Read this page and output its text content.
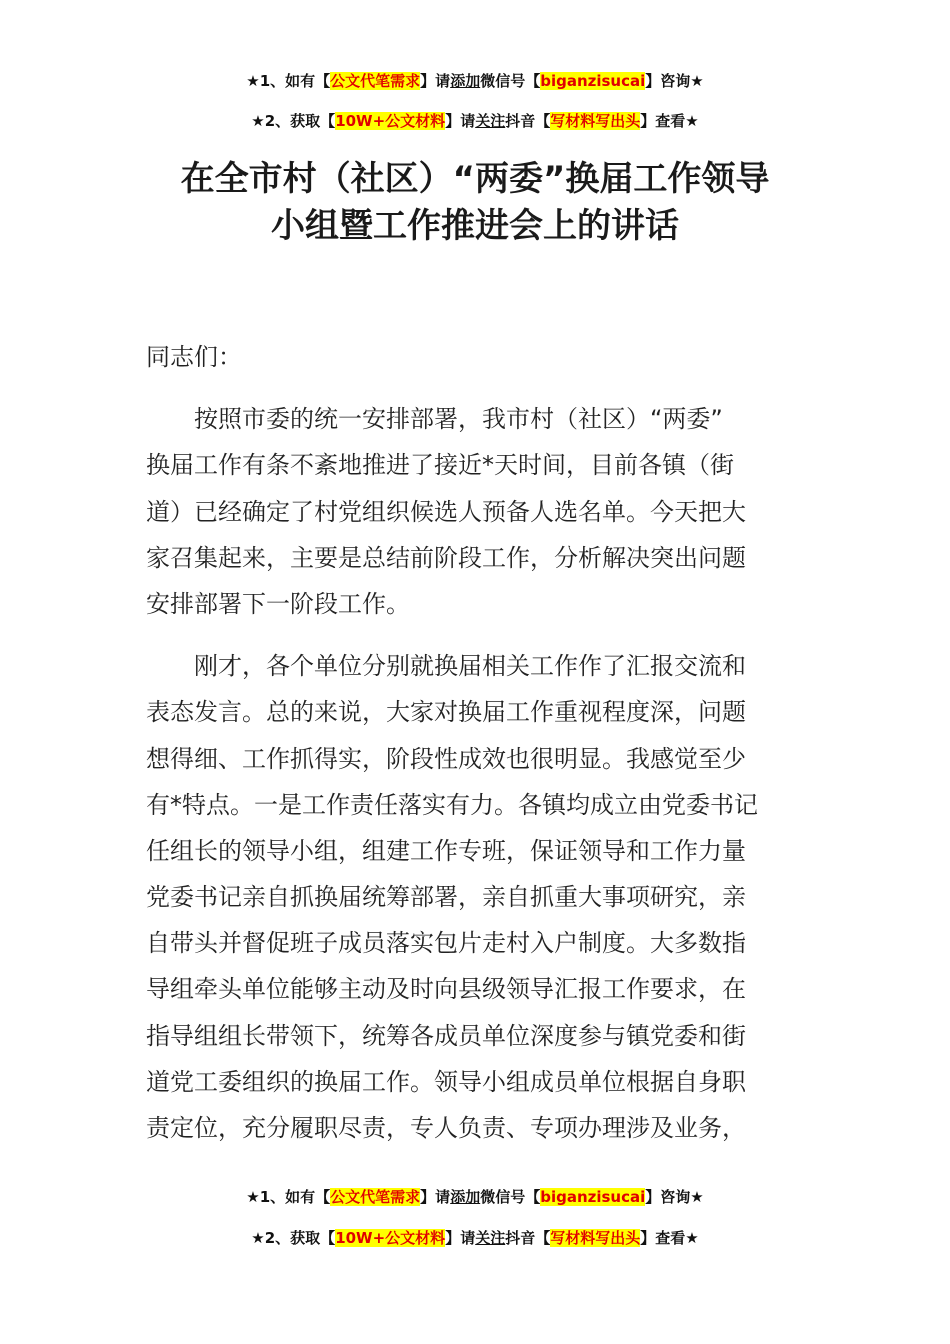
★1、如有【公文代笔需求】请添加微信号【biganzisucai】咨询★
★2、获取【10W+公文材料】请关注抖音【写材料写出头】查看★
在全市村（社区）“两委”换届工作领导
小组暨工作推进会上的讲话
同志们：
　　按照市委的统一安排部署，我市村（社区）“两委”
换届工作有条不紊地推进了接近*天时间，目前各镇（街
道）已经确定了村党组织候选人预备人选名单。今天把大
家召集起来，主要是总结前阶段工作，分析解决突出问题
安排部署下一阶段工作。
　　刚才，各个单位分别就换届相关工作作了汇报交流和
表态发言。总的来说，大家对换届工作重视程度深，问题
想得细、工作抓得实，阶段性成效也很明显。我感觉至少
有*特点。一是工作责任落实有力。各镇均成立由党委书记
任组长的领导小组，组建工作专班，保证领导和工作力量
党委书记亲自抓换届统筹部署，亲自抓重大事项研究，亲
自带头并督促班子成员落实包片走村入户制度。大多数指
导组牵头单位能够主动及时向县级领导汇报工作要求，在
指导组组长带领下，统筹各成员单位深度参与镇党委和街
道党工委组织的换届工作。领导小组成员单位根据自身职
责定位，充分履职尽责，专人负责、专项办理涉及业务，
★1、如有【公文代笔需求】请添加微信号【biganzisucai】咨询★
★2、获取【10W+公文材料】请关注抖音【写材料写出头】查看★
